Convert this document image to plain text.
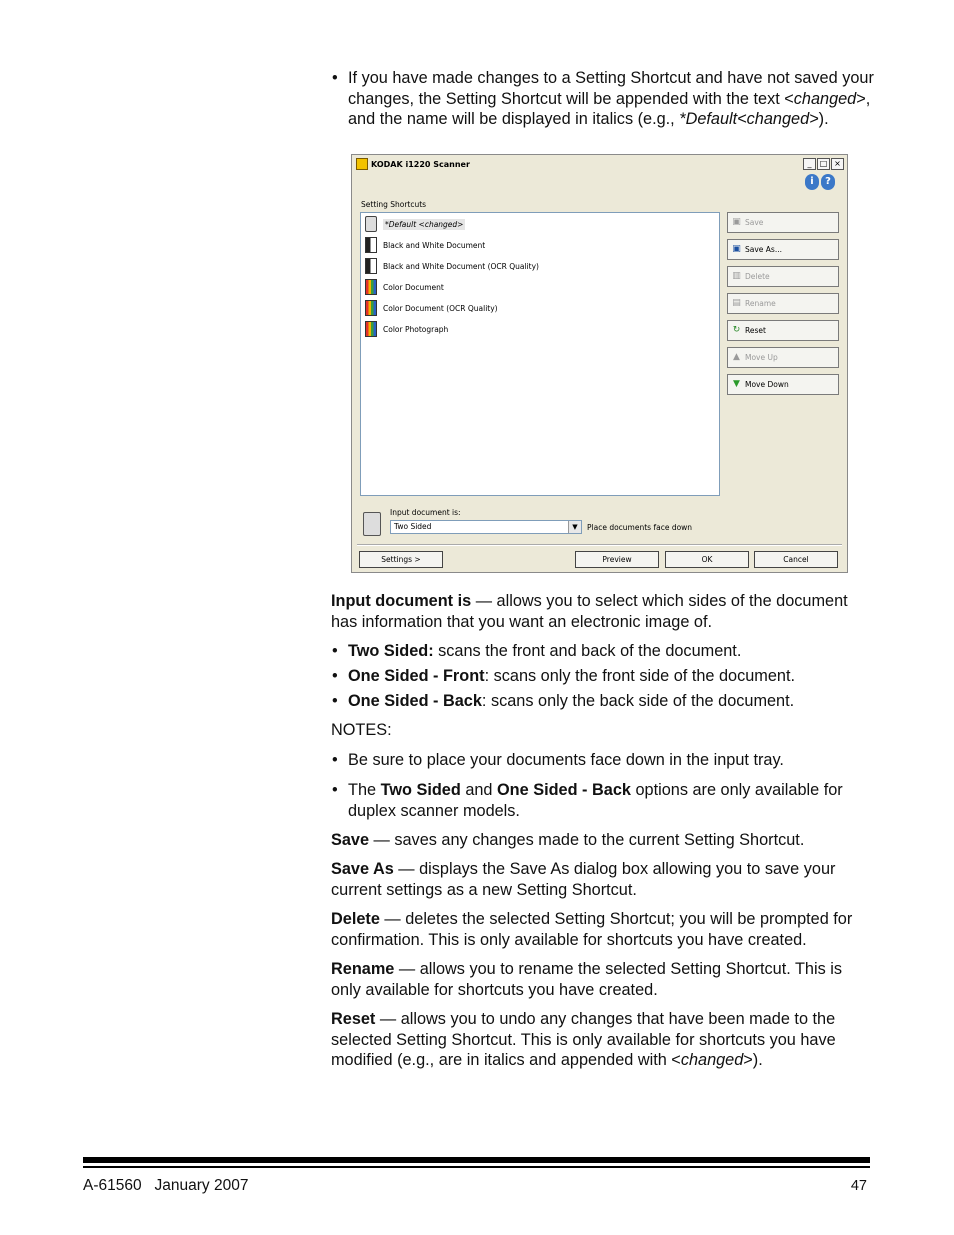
• If you have made changes to a Setting Shortcut and have not saved your changes, the Setting Shortcut will be appended with the text <changed>, and the name will be displayed in italics (e.g., *Default<changed>).
KODAK i1220 Scanner	_	□ ×
i	?
Setting Shortcuts
*Default <changed>
Black and White Document
Black and White Document (OCR Quality)
Color Document
Color Document (OCR Quality)
Color Photograph
▣ Save
▣ Save As...
▥ Delete
▤ Rename
↻ Reset
▲ Move Up
▼ Move Down
Input document is:
Two Sided	▼	Place documents face down
Settings >	Preview	OK	Cancel

Input document is — allows you to select which sides of the document has information that you want an electronic image of.

• Two Sided: scans the front and back of the document.
• One Sided - Front: scans only the front side of the document.
• One Sided - Back: scans only the back side of the document.
NOTES:
• Be sure to place your documents face down in the input tray.
• The Two Sided and One Sided - Back options are only available for duplex scanner models.

Save — saves any changes made to the current Setting Shortcut.

Save As — displays the Save As dialog box allowing you to save your current settings as a new Setting Shortcut.

Delete — deletes the selected Setting Shortcut; you will be prompted for confirmation. This is only available for shortcuts you have created.

Rename — allows you to rename the selected Setting Shortcut. This is only available for shortcuts you have created.

Reset — allows you to undo any changes that have been made to the selected Setting Shortcut. This is only available for shortcuts you have modified (e.g., are in italics and appended with <changed>).

A-61560   January 2007	47
